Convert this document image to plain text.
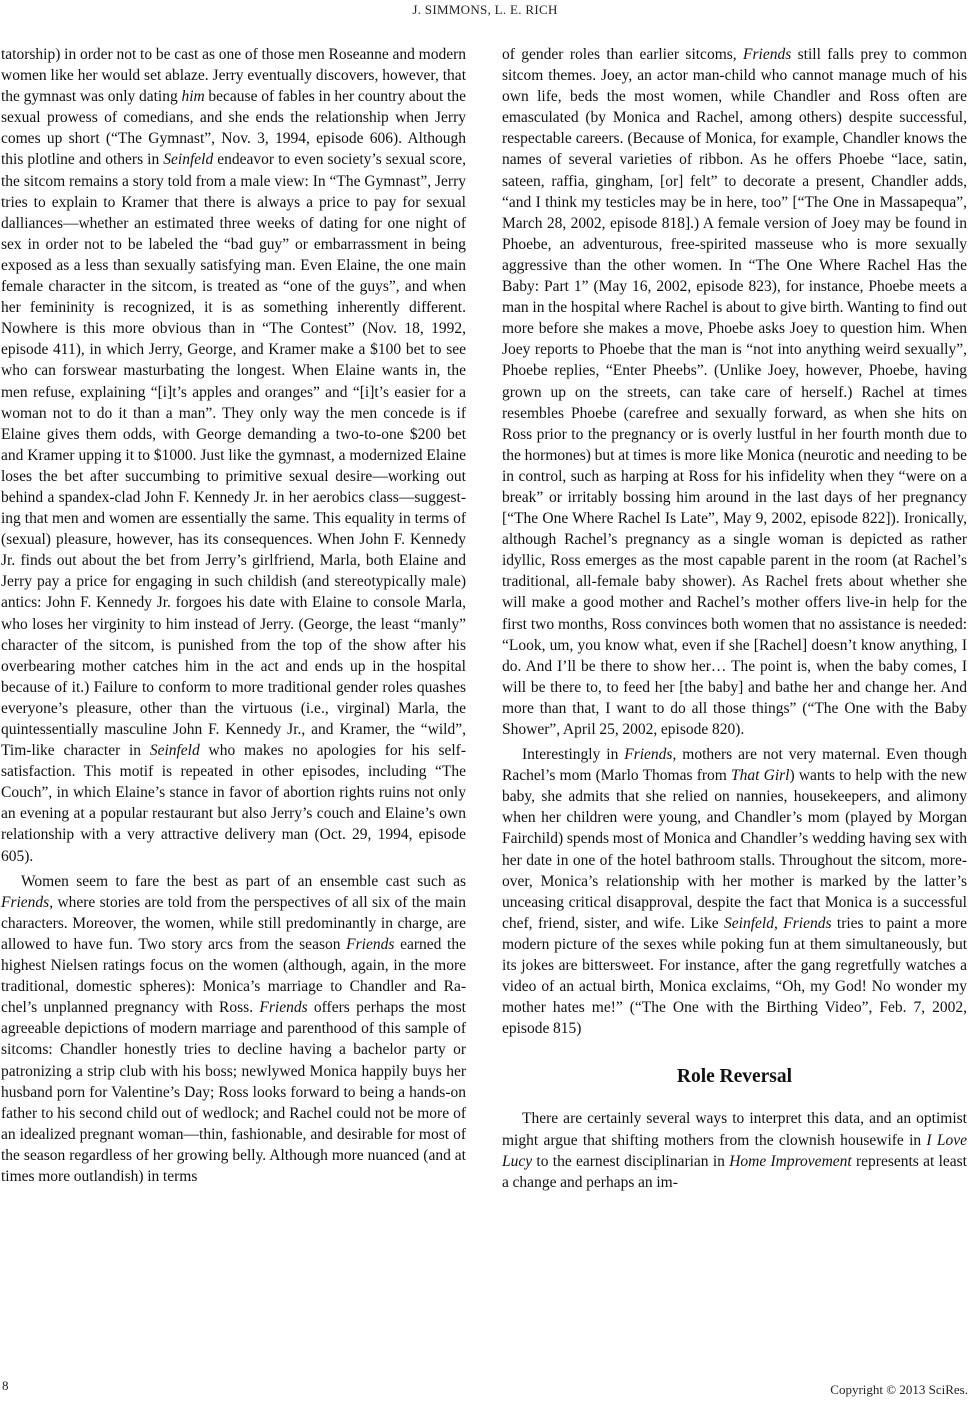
J. SIMMONS, L. E. RICH

tatorship) in order not to be cast as one of those men Roseanne and modern women like her would set ablaze. Jerry eventually discovers, however, that the gymnast was only dating him because of fables in her country about the sexual prowess of comedians, and she ends the relationship when Jerry comes up short (“The Gymnast”, Nov. 3, 1994, episode 606). Although this plotline and others in Seinfeld endeavor to even society’s sexual score, the sitcom remains a story told from a male view: In “The Gymnast”, Jerry tries to explain to Kramer that there is always a price to pay for sexual dalliances—whether an estimated three weeks of dating for one night of sex in order not to be labeled the “bad guy” or embarrassment in being exposed as a less than sexually satisfying man. Even Elaine, the one main female character in the sitcom, is treated as “one of the guys”, and when her femininity is recognized, it is as something inherently different. Nowhere is this more obvious than in “The Contest” (Nov. 18, 1992, episode 411), in which Jerry, George, and Kramer make a $100 bet to see who can forswear masturbating the longest. When Elaine wants in, the men refuse, explaining “[i]t’s apples and oranges” and “[i]t’s easier for a woman not to do it than a man”. They only way the men concede is if Elaine gives them odds, with George demanding a two-to-one $200 bet and Kramer upping it to $1000. Just like the gymnast, a modernized Elaine loses the bet after succumbing to primitive sexual desire—working out behind a spandex-clad John F. Kennedy Jr. in her aerobics class—suggesting that men and women are essentially the same. This equality in terms of (sexual) pleasure, however, has its consequences. When John F. Kennedy Jr. finds out about the bet from Jerry’s girlfriend, Marla, both Elaine and Jerry pay a price for engaging in such childish (and stereotypically male) antics: John F. Kennedy Jr. forgoes his date with Elaine to console Marla, who loses her virginity to him instead of Jerry. (George, the least “manly” character of the sitcom, is punished from the top of the show after his overbearing mother catches him in the act and ends up in the hospital because of it.) Failure to conform to more traditional gender roles quashes everyone’s pleasure, other than the virtuous (i.e., virginal) Marla, the quintessentially masculine John F. Kennedy Jr., and Kramer, the “wild”, Tim-like character in Seinfeld who makes no apologies for his self-satisfaction. This motif is repeated in other episodes, including “The Couch”, in which Elaine’s stance in favor of abortion rights ruins not only an evening at a popular restaurant but also Jerry’s couch and Elaine’s own relationship with a very attractive delivery man (Oct. 29, 1994, episode 605).

Women seem to fare the best as part of an ensemble cast such as Friends, where stories are told from the perspectives of all six of the main characters. Moreover, the women, while still predominantly in charge, are allowed to have fun. Two story arcs from the season Friends earned the highest Nielsen ratings focus on the women (although, again, in the more traditional, domestic spheres): Monica’s marriage to Chandler and Rachel’s unplanned pregnancy with Ross. Friends offers perhaps the most agreeable depictions of modern marriage and parenthood of this sample of sitcoms: Chandler honestly tries to decline having a bachelor party or patronizing a strip club with his boss; newlywed Monica happily buys her husband porn for Valentine’s Day; Ross looks forward to being a hands-on father to his second child out of wedlock; and Rachel could not be more of an idealized pregnant woman—thin, fashionable, and desirable for most of the season regardless of her growing belly. Although more nuanced (and at times more outlandish) in terms

of gender roles than earlier sitcoms, Friends still falls prey to common sitcom themes. Joey, an actor man-child who cannot manage much of his own life, beds the most women, while Chandler and Ross often are emasculated (by Monica and Rachel, among others) despite successful, respectable careers. (Because of Monica, for example, Chandler knows the names of several varieties of ribbon. As he offers Phoebe “lace, satin, sateen, raffia, gingham, [or] felt” to decorate a present, Chandler adds, “and I think my testicles may be in here, too” [“The One in Massapequa”, March 28, 2002, episode 818].) A female version of Joey may be found in Phoebe, an adventurous, free-spirited masseuse who is more sexually aggressive than the other women. In “The One Where Rachel Has the Baby: Part 1” (May 16, 2002, episode 823), for instance, Phoebe meets a man in the hospital where Rachel is about to give birth. Wanting to find out more before she makes a move, Phoebe asks Joey to question him. When Joey reports to Phoebe that the man is “not into anything weird sexually”, Phoebe replies, “Enter Pheebs”. (Unlike Joey, however, Phoebe, having grown up on the streets, can take care of herself.) Rachel at times resembles Phoebe (carefree and sexually forward, as when she hits on Ross prior to the pregnancy or is overly lustful in her fourth month due to the hormones) but at times is more like Monica (neurotic and needing to be in control, such as harping at Ross for his infidelity when they “were on a break” or irritably bossing him around in the last days of her pregnancy [“The One Where Rachel Is Late”, May 9, 2002, episode 822]). Ironically, although Rachel’s pregnancy as a single woman is depicted as rather idyllic, Ross emerges as the most capable parent in the room (at Rachel’s traditional, all-female baby shower). As Rachel frets about whether she will make a good mother and Rachel’s mother offers live-in help for the first two months, Ross convinces both women that no assistance is needed: “Look, um, you know what, even if she [Rachel] doesn’t know anything, I do. And I’ll be there to show her… The point is, when the baby comes, I will be there to, to feed her [the baby] and bathe her and change her. And more than that, I want to do all those things” (“The One with the Baby Shower”, April 25, 2002, episode 820).

Interestingly in Friends, mothers are not very maternal. Even though Rachel’s mom (Marlo Thomas from That Girl) wants to help with the new baby, she admits that she relied on nannies, housekeepers, and alimony when her children were young, and Chandler’s mom (played by Morgan Fairchild) spends most of Monica and Chandler’s wedding having sex with her date in one of the hotel bathroom stalls. Throughout the sitcom, moreover, Monica’s relationship with her mother is marked by the latter’s unceasing critical disapproval, despite the fact that Monica is a successful chef, friend, sister, and wife. Like Seinfeld, Friends tries to paint a more modern picture of the sexes while poking fun at them simultaneously, but its jokes are bittersweet. For instance, after the gang regretfully watches a video of an actual birth, Monica exclaims, “Oh, my God! No wonder my mother hates me!” (“The One with the Birthing Video”, Feb. 7, 2002, episode 815)

Role Reversal

There are certainly several ways to interpret this data, and an optimist might argue that shifting mothers from the clownish housewife in I Love Lucy to the earnest disciplinarian in Home Improvement represents at least a change and perhaps an im-

8	Copyright © 2013 SciRes.
